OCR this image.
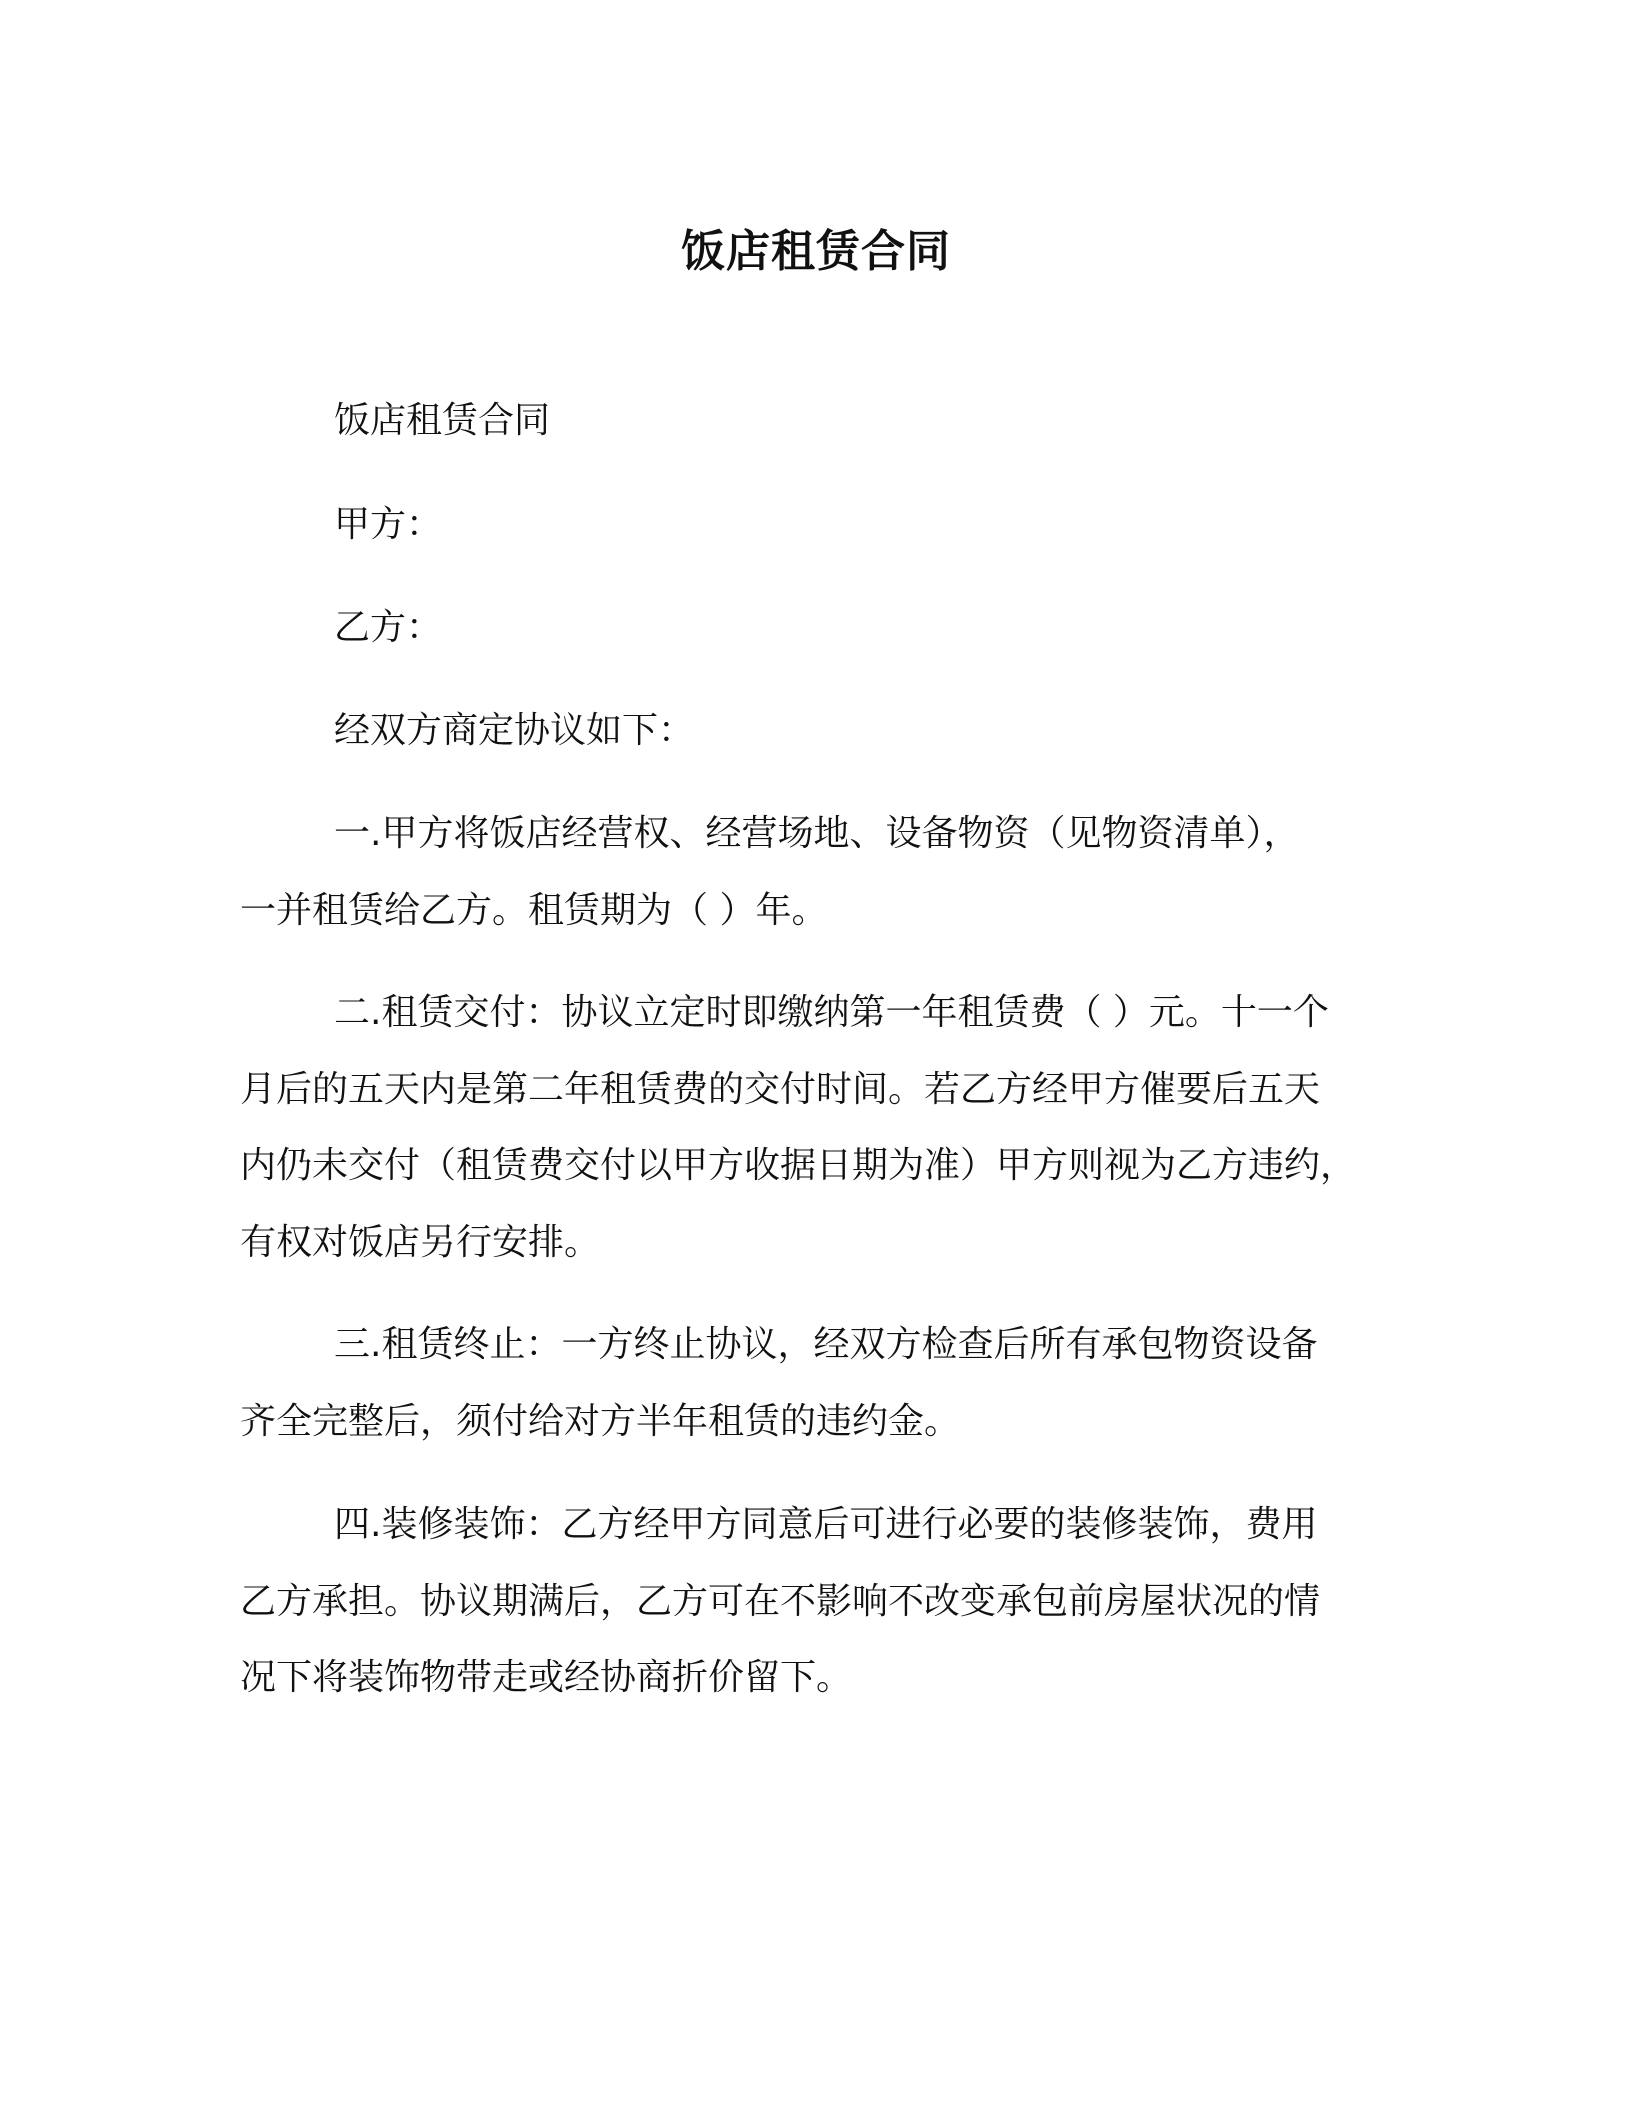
饭店租赁合同
饭店租赁合同
甲方：
乙方：
经双方商定协议如下：
一.甲方将饭店经营权、经营场地、设备物资（见物资清单），
一并租赁给乙方。租赁期为（ ）年。
二.租赁交付：协议立定时即缴纳第一年租赁费（ ）元。十一个
月后的五天内是第二年租赁费的交付时间。若乙方经甲方催要后五天
内仍未交付（租赁费交付以甲方收据日期为准）甲方则视为乙方违约，
有权对饭店另行安排。
三.租赁终止：一方终止协议，经双方检查后所有承包物资设备
齐全完整后，须付给对方半年租赁的违约金。
四.装修装饰：乙方经甲方同意后可进行必要的装修装饰，费用
乙方承担。协议期满后，乙方可在不影响不改变承包前房屋状况的情
况下将装饰物带走或经协商折价留下。
